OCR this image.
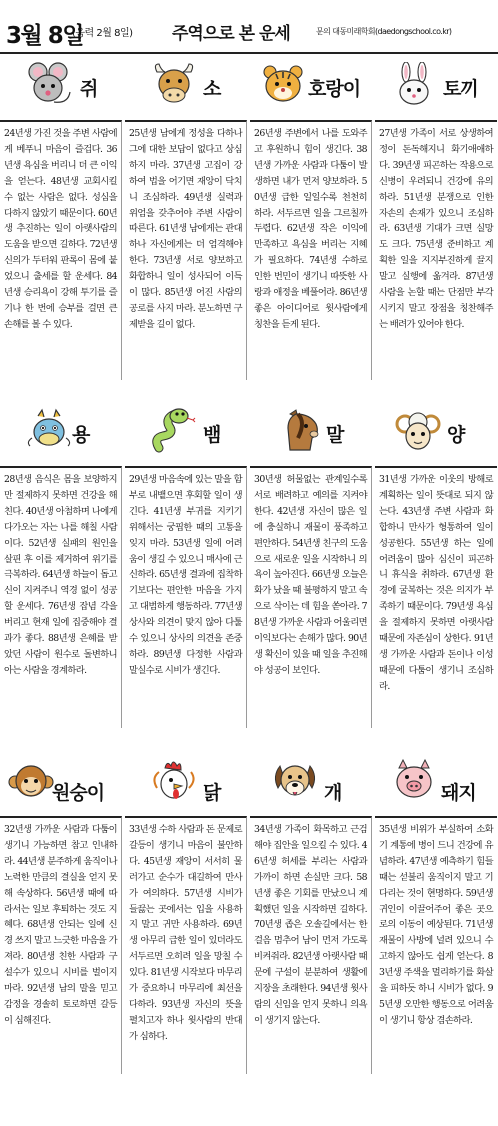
3월 8일
(음력 2월 8일) 주역으로 본 운세	문의 대동미래학회(daedongschool.co.kr)
쥐

24년생 가진 것을 주변 사람에게 베푸니 마음이 즐겁다. 36년생 욕심을 버리니 더 큰 이익을 얻는다. 48년생 교회시킬 수 없는 사람은 없다. 성심을 다하지 않았기 때문이다. 60년생 추진하는 일이 아랫사람의 도움을 받으면 길하다. 72년생 신의가 두터워 판록이 몸에 붙었으니 출세를 할 운세다. 84년생 승리욕이 강해 투기를 즐기나 한 번에 승부를 걸면 큰 손해를 볼 수 있다.

소

25년생 남에게 정성을 다하나 그에 대한 보답이 없다고 상심하지 마라. 37년생 고집이 강하여 법을 어기면 재앙이 닥치니 조심하라. 49년생 실력과 위엄을 갖추어야 주변 사람이 따른다. 61년생 남에게는 관대하나 자신에게는 더 엄격해야 한다. 73년생 서로 양보하고 화합하니 일이 성사되어 이득이 많다. 85년생 어진 사람의 공로를 사지 마라. 분노하면 구제받을 길이 없다.

호랑이

26년생 주변에서 나를 도와주고 후원하니 힘이 생긴다. 38년생 가까운 사람과 다툼이 발생하면 내가 먼저 양보하라. 50년생 급한 일일수록 천천히 하라. 서두르면 일을 그르칠까 두렵다. 62년생 작은 이익에 만족하고 욕심을 버리는 지혜가 필요하다. 74년생 수하로 인한 번민이 생기니 따뜻한 사랑과 애정을 베풀어라. 86년생 좋은 아이디어로 윗사람에게 칭찬을 듣게 된다.

토끼

27년생 가족이 서로 상생하여 정이 돈독해지니 화기애애하다. 39년생 피곤하는 작용으로 신병이 우려되니 건강에 유의하라. 51년생 분쟁으로 인한 자손의 손재가 있으니 조심하라. 63년생 기대가 크면 실망도 크다. 75년생 준비하고 계획한 일을 지지부진하게 끌지 말고 실행에 옮겨라. 87년생 사람을 논할 때는 단점만 부각시키지 말고 장점을 칭찬해주는 배려가 있어야 한다.

용

28년생 음식은 몸을 보양하지만 절제하지 못하면 건강을 해친다. 40년생 아첨하며 나에게 다가오는 자는 나를 해칠 사람이다. 52년생 실패의 원인을 살핀 후 이를 제거하여 위기를 극복하라. 64년생 하늘이 돕고 신이 지켜주니 역경 없이 성공할 운세다. 76년생 잡념 각을 버리고 현재 일에 집중해야 결과가 좋다. 88년생 은혜를 받았던 사람이 원수로 돌변하니 아는 사람을 경계하라.

뱀

29년생 마음속에 있는 말을 함부로 내뱉으면 후회할 일이 생긴다. 41년생 부귀를 지키기 위해서는 궁핍한 때의 고통을 잊지 마라. 53년생 일에 어려움이 생길 수 있으니 매사에 근신하라. 65년생 결과에 집착하기보다는 편안한 마음을 가지고 대범하게 행동하라. 77년생 상사와 의견이 맞지 않아 다툴 수 있으니 상사의 의견을 존중하라. 89년생 다정한 사람과 말실수로 시비가 생긴다.

말

30년생 허물없는 관계일수록 서로 배려하고 예의를 지켜야 한다. 42년생 자신이 많은 일에 충실하니 재물이 풍족하고 편안하다. 54년생 친구의 도움으로 새로운 일을 시작하니 의욕이 높아진다. 66년생 오늘은 화가 났을 때 불평하지 말고 속으로 삭이는 데 힘을 쏟아라. 78년생 가까운 사람과 어울리면 이익보다는 손해가 많다. 90년생 확신이 있을 때 일을 추진해야 성공이 보인다.

양

31년생 가까운 이웃의 방해로 계획하는 일이 뜻대로 되지 않는다. 43년생 주변 사람과 화합하니 만사가 형통하여 일이 성공한다. 55년생 하는 일에 어려움이 많아 심신이 피곤하니 휴식을 취하라. 67년생 환경에 굴복하는 것은 의지가 부족하기 때문이다. 79년생 욕심을 절제하지 못하면 아랫사람 때문에 자존심이 상한다. 91년생 가까운 사람과 돈이나 이성 때문에 다툼이 생기니 조심하라.

원숭이

32년생 가까운 사람과 다툼이 생기니 가능하면 참고 인내하라. 44년생 분주하게 움직이나 노력한 만큼의 결실을 얻지 못해 속상하다. 56년생 때에 따라서는 일보 후퇴하는 것도 지혜다. 68년생 안되는 일에 신경 쓰지 말고 느긋한 마음을 가져라. 80년생 친한 사람과 구설수가 있으니 시비를 벌이지 마라. 92년생 남의 말을 믿고 감정을 경솔히 토로하면 갈등이 심해진다.

닭

33년생 수하 사람과 돈 문제로 갈등이 생기니 마음이 불안하다. 45년생 재앙이 서서히 물러가고 순수가 대길하여 만사가 여의하다. 57년생 시비가 들끓는 곳에서는 입을 사용하지 말고 귀만 사용하라. 69년생 아무리 급한 일이 있더라도 서두르면 오히려 일을 망칠 수 있다. 81년생 시작보다 마무리가 중요하니 마무리에 최선을 다하라. 93년생 자신의 뜻을 펼치고자 하나 윗사람의 반대가 심하다.

개

34년생 가족이 화목하고 근검해야 집안을 일으킬 수 있다. 46년생 허세를 부리는 사람과 가까이 하면 손실만 크다. 58년생 좋은 기회를 만났으니 계획했던 일을 시작하면 길하다. 70년생 좁은 오솔길에서는 한 걸음 멈추어 남이 먼저 가도록 비켜줘라. 82년생 아랫사람 때문에 구설이 분분하여 생활에 지장을 초래한다. 94년생 윗사람의 신임을 얻지 못하니 의욕이 생기지 않는다.

돼지

35년생 비위가 부실하여 소화기 계통에 병이 드니 건강에 유념하라. 47년생 예측하기 힘들 때는 섣불리 움직이지 말고 기다리는 것이 현명하다. 59년생 귀인이 이끌어주어 좋은 곳으로의 이동이 예상된다. 71년생 재물이 사방에 널려 있으니 수고하지 않아도 쉽게 얻는다. 83년생 주색을 멀리하기를 화살을 피하듯 하니 시비가 없다. 95년생 오만한 행동으로 어려움이 생기니 항상 겸손하라.
